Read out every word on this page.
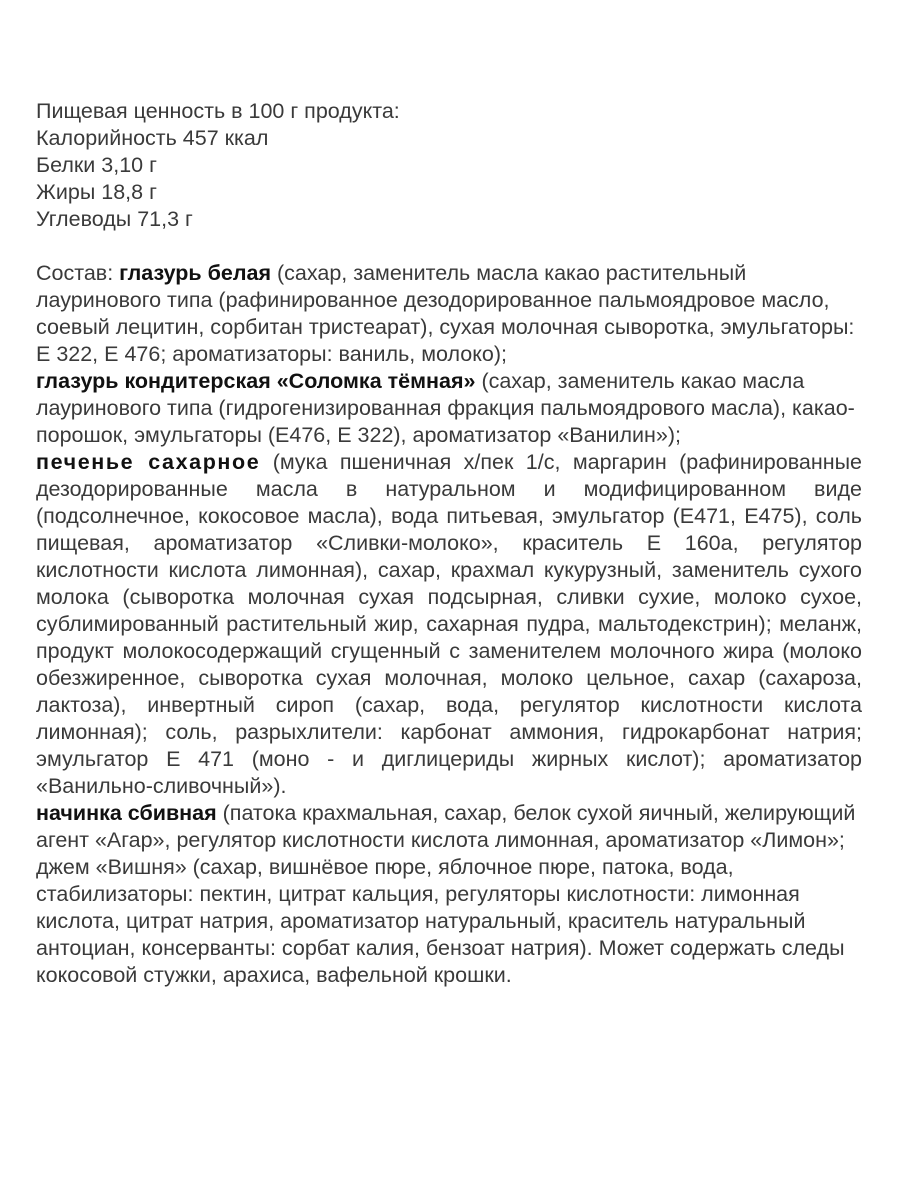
Пищевая ценность в 100 г продукта:

Калорийность 457 ккал

Белки 3,10 г

Жиры 18,8 г

Углеводы 71,3 г

Состав: глазурь белая (сахар, заменитель масла какао растительный лауринового типа (рафинированное дезодорированное пальмоядровое масло, соевый лецитин, сорбитан тристеарат), сухая молочная сыворотка, эмульгаторы: Е 322, Е 476; ароматизаторы: ваниль, молоко);

глазурь кондитерская «Соломка тёмная» (сахар, заменитель какао масла лауринового типа (гидрогенизированная фракция пальмоядрового масла), какао-порошок, эмульгаторы (Е476, Е 322), ароматизатор «Ванилин»);

печенье сахарное (мука пшеничная х/пек 1/с, маргарин (рафинированные дезодорированные масла в натуральном и модифицированном виде (подсолнечное, кокосовое масла), вода питьевая, эмульгатор (Е471, Е475), соль пищевая, ароматизатор «Сливки-молоко», краситель Е 160а, регулятор кислотности кислота лимонная), сахар, крахмал кукурузный, заменитель сухого молока (сыворотка молочная сухая подсырная, сливки сухие, молоко сухое, сублимированный растительный жир, сахарная пудра, мальтодекстрин); меланж, продукт молокосодержащий сгущенный с заменителем молочного жира (молоко обезжиренное, сыворотка сухая молочная, молоко цельное, сахар (сахароза, лактоза), инвертный сироп (сахар, вода, регулятор кислотности кислота лимонная); соль, разрыхлители: карбонат аммония, гидрокарбонат натрия; эмульгатор Е 471 (моно - и диглицериды жирных кислот); ароматизатор «Ванильно-сливочный»).

начинка сбивная (патока крахмальная, сахар, белок сухой яичный, желирующий агент «Агар», регулятор кислотности кислота лимонная, ароматизатор «Лимон»; джем «Вишня» (сахар, вишнёвое пюре, яблочное пюре, патока, вода, стабилизаторы: пектин, цитрат кальция, регуляторы кислотности: лимонная кислота, цитрат натрия, ароматизатор натуральный, краситель натуральный антоциан, консерванты: сорбат калия, бензоат натрия). Может содержать следы кокосовой стужки, арахиса, вафельной крошки.
